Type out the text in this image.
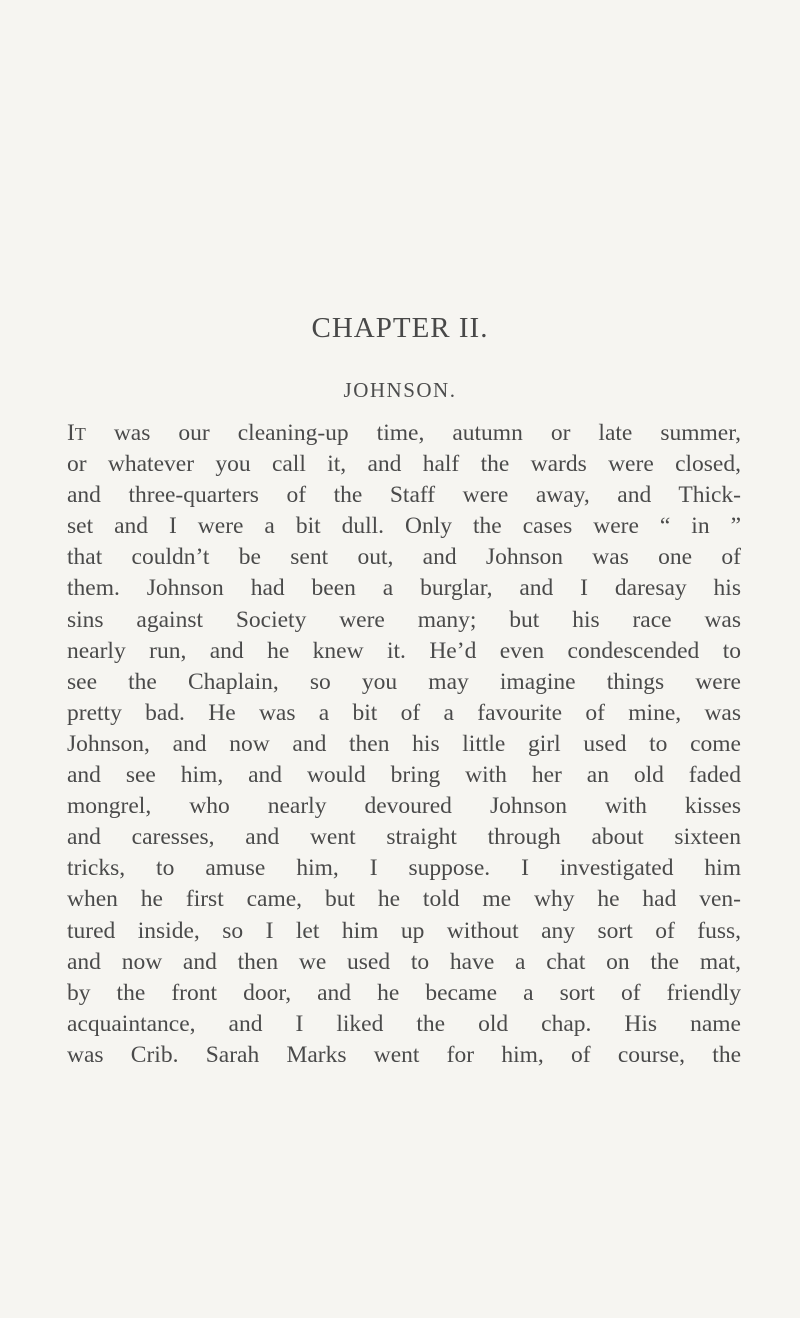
CHAPTER II.
JOHNSON.
IT was our cleaning-up time, autumn or late summer,
or whatever you call it, and half the wards were closed,
and three-quarters of the Staff were away, and Thick-
set and I were a bit dull. Only the cases were “ in ”
that couldn’t be sent out, and Johnson was one of
them. Johnson had been a burglar, and I daresay his
sins against Society were many; but his race was
nearly run, and he knew it. He’d even condescended to
see the Chaplain, so you may imagine things were
pretty bad. He was a bit of a favourite of mine, was
Johnson, and now and then his little girl used to come
and see him, and would bring with her an old faded
mongrel, who nearly devoured Johnson with kisses
and caresses, and went straight through about sixteen
tricks, to amuse him, I suppose. I investigated him
when he first came, but he told me why he had ven-
tured inside, so I let him up without any sort of fuss,
and now and then we used to have a chat on the mat,
by the front door, and he became a sort of friendly
acquaintance, and I liked the old chap. His name
was Crib. Sarah Marks went for him, of course, the
